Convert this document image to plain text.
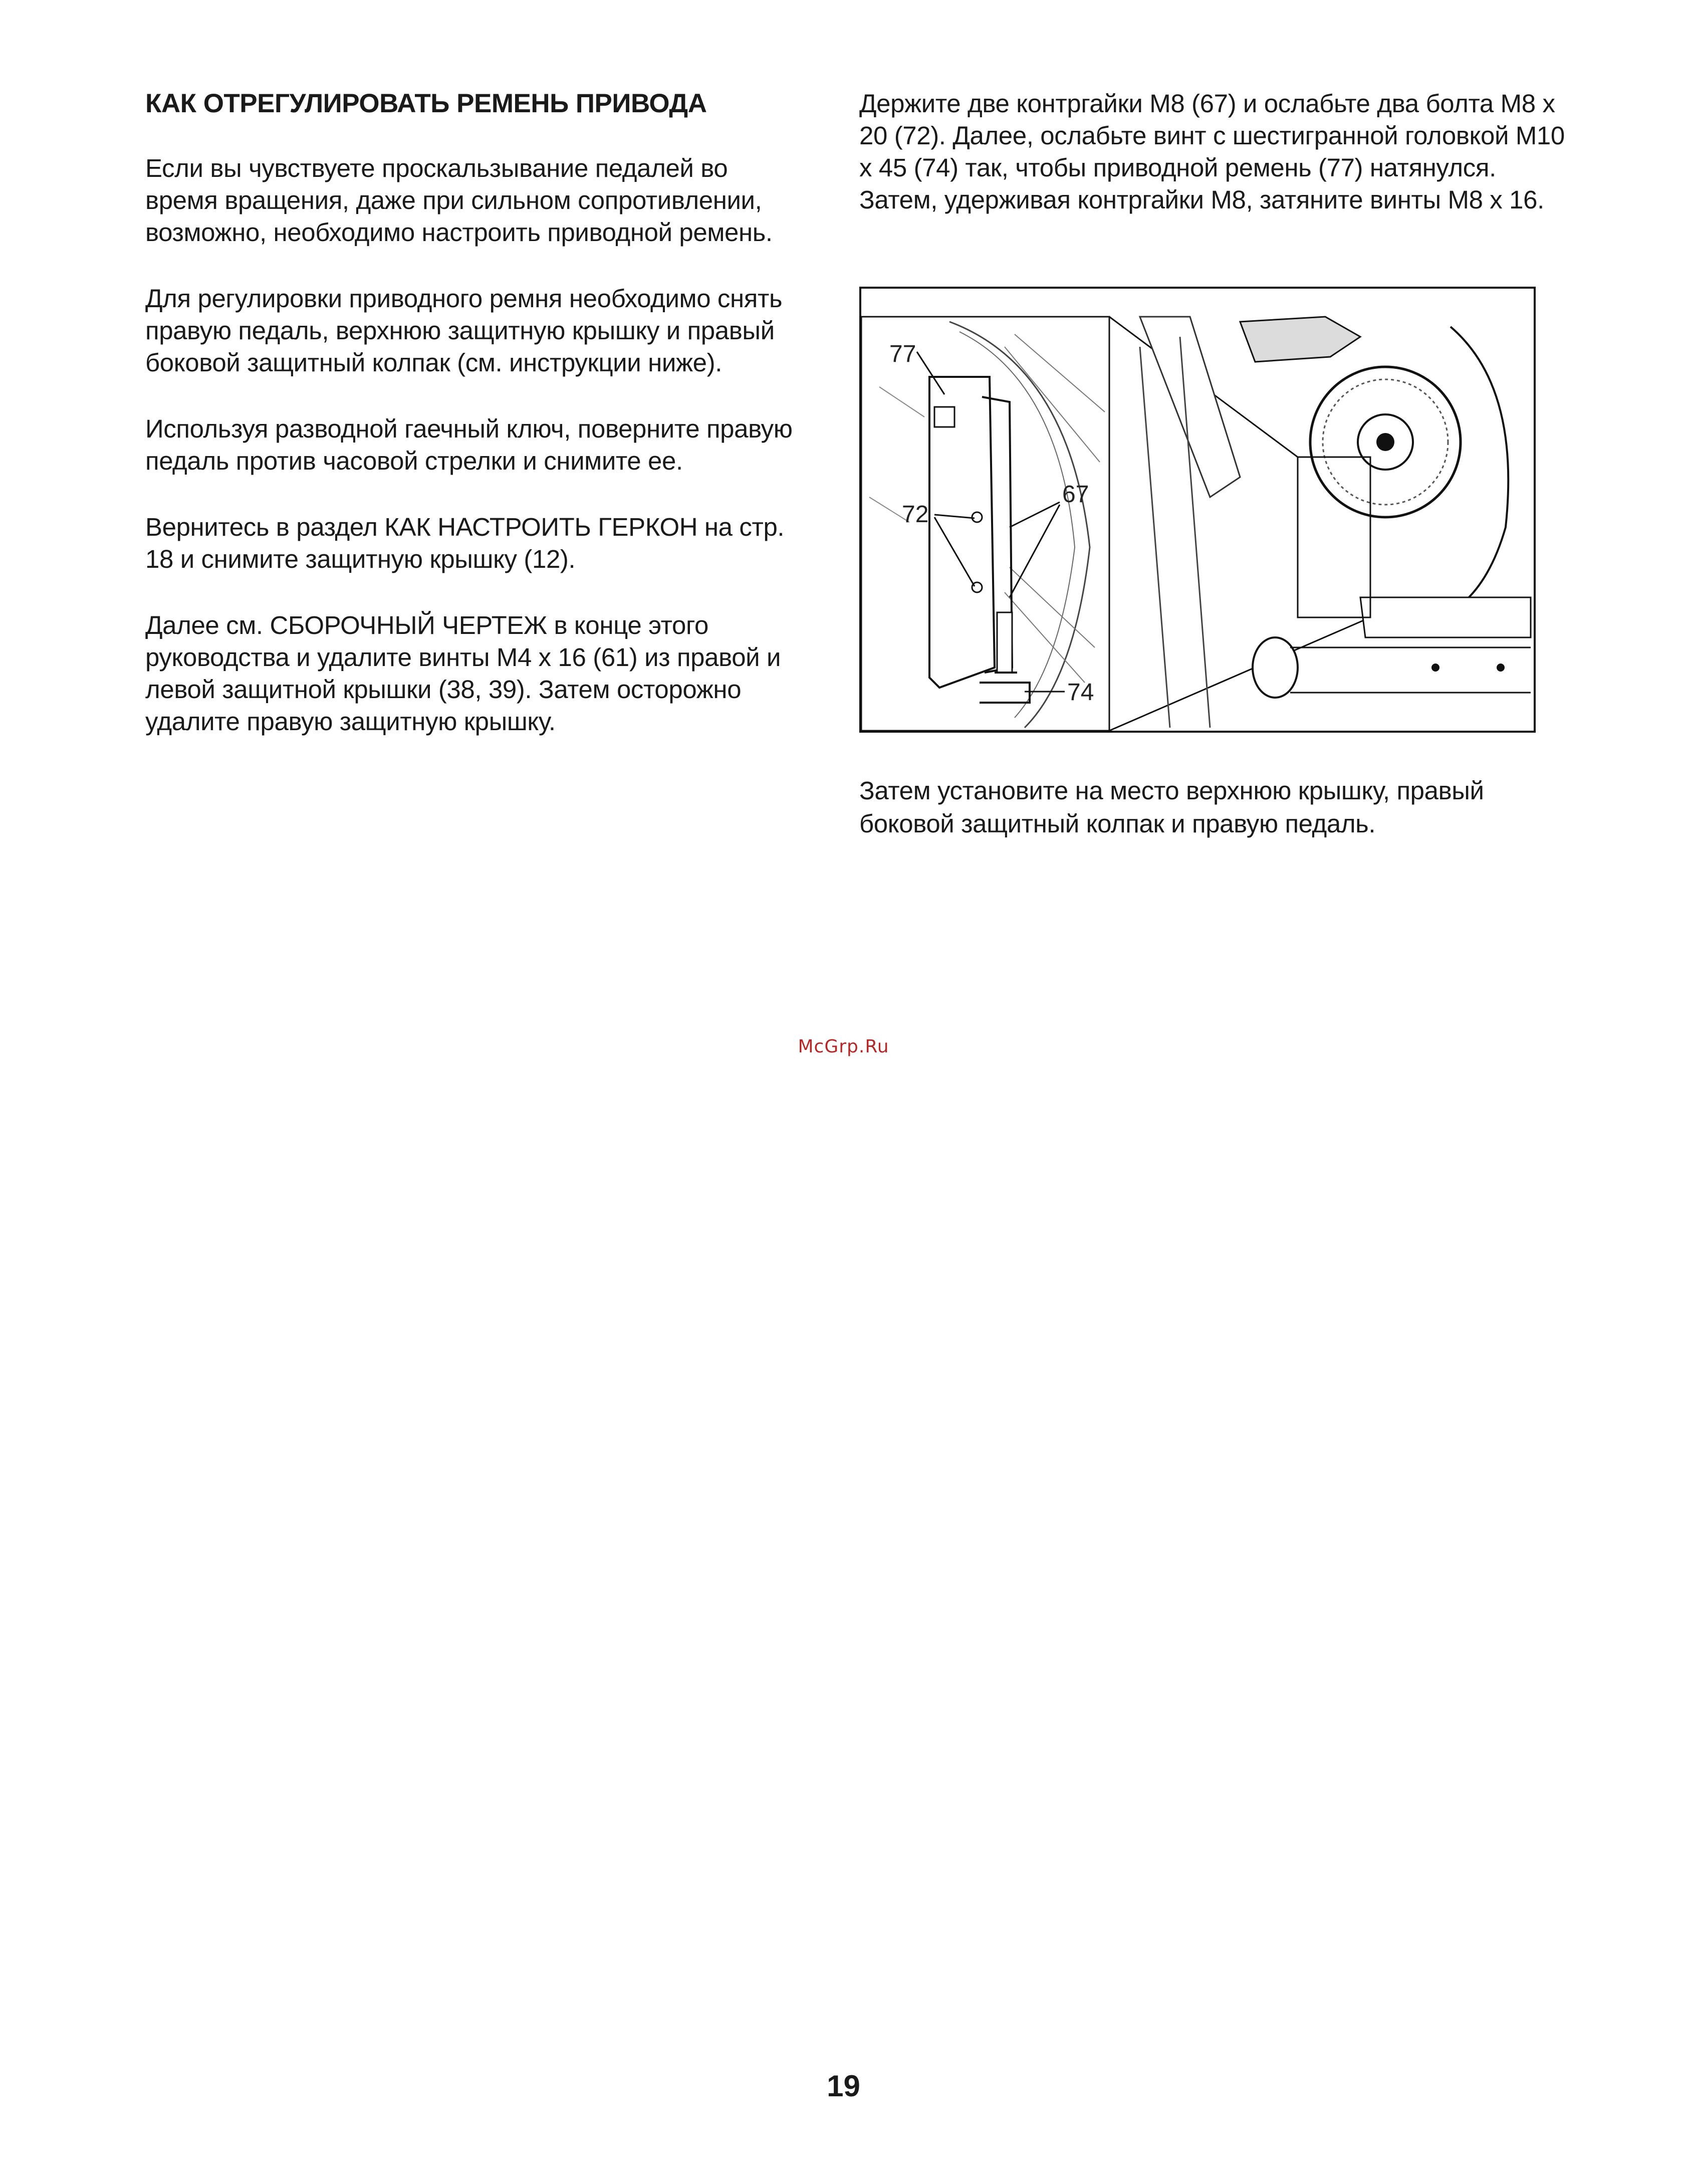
КАК ОТРЕГУЛИРОВАТЬ РЕМЕНЬ ПРИВОДА

Если вы чувствуете проскальзывание педалей во время вращения, даже при сильном сопротивлении, возможно, необходимо настроить приводной ремень.

Для регулировки приводного ремня необходимо снять правую педаль, верхнюю защитную крышку и правый боковой защитный колпак (см. инструкции ниже).

Используя разводной гаечный ключ, поверните правую педаль против часовой стрелки и снимите ее.

Вернитесь в раздел КАК НАСТРОИТЬ ГЕРКОН на стр. 18 и снимите защитную крышку (12).

Далее см. СБОРОЧНЫЙ ЧЕРТЕЖ в конце этого руководства и удалите винты M4 x 16 (61) из правой и левой защитной крышки (38, 39). Затем осторожно удалите правую защитную крышку.

Держите две контргайки M8 (67) и ослабьте два болта M8 x 20 (72). Далее, ослабьте винт с шестигранной головкой M10 x 45 (74) так, чтобы приводной ремень (77) натянулся. Затем, удерживая контргайки M8, затяните винты M8 x 16.

77
72
67
74

Затем установите на место верхнюю крышку, правый боковой защитный колпак и правую педаль.

McGrp.Ru
19
